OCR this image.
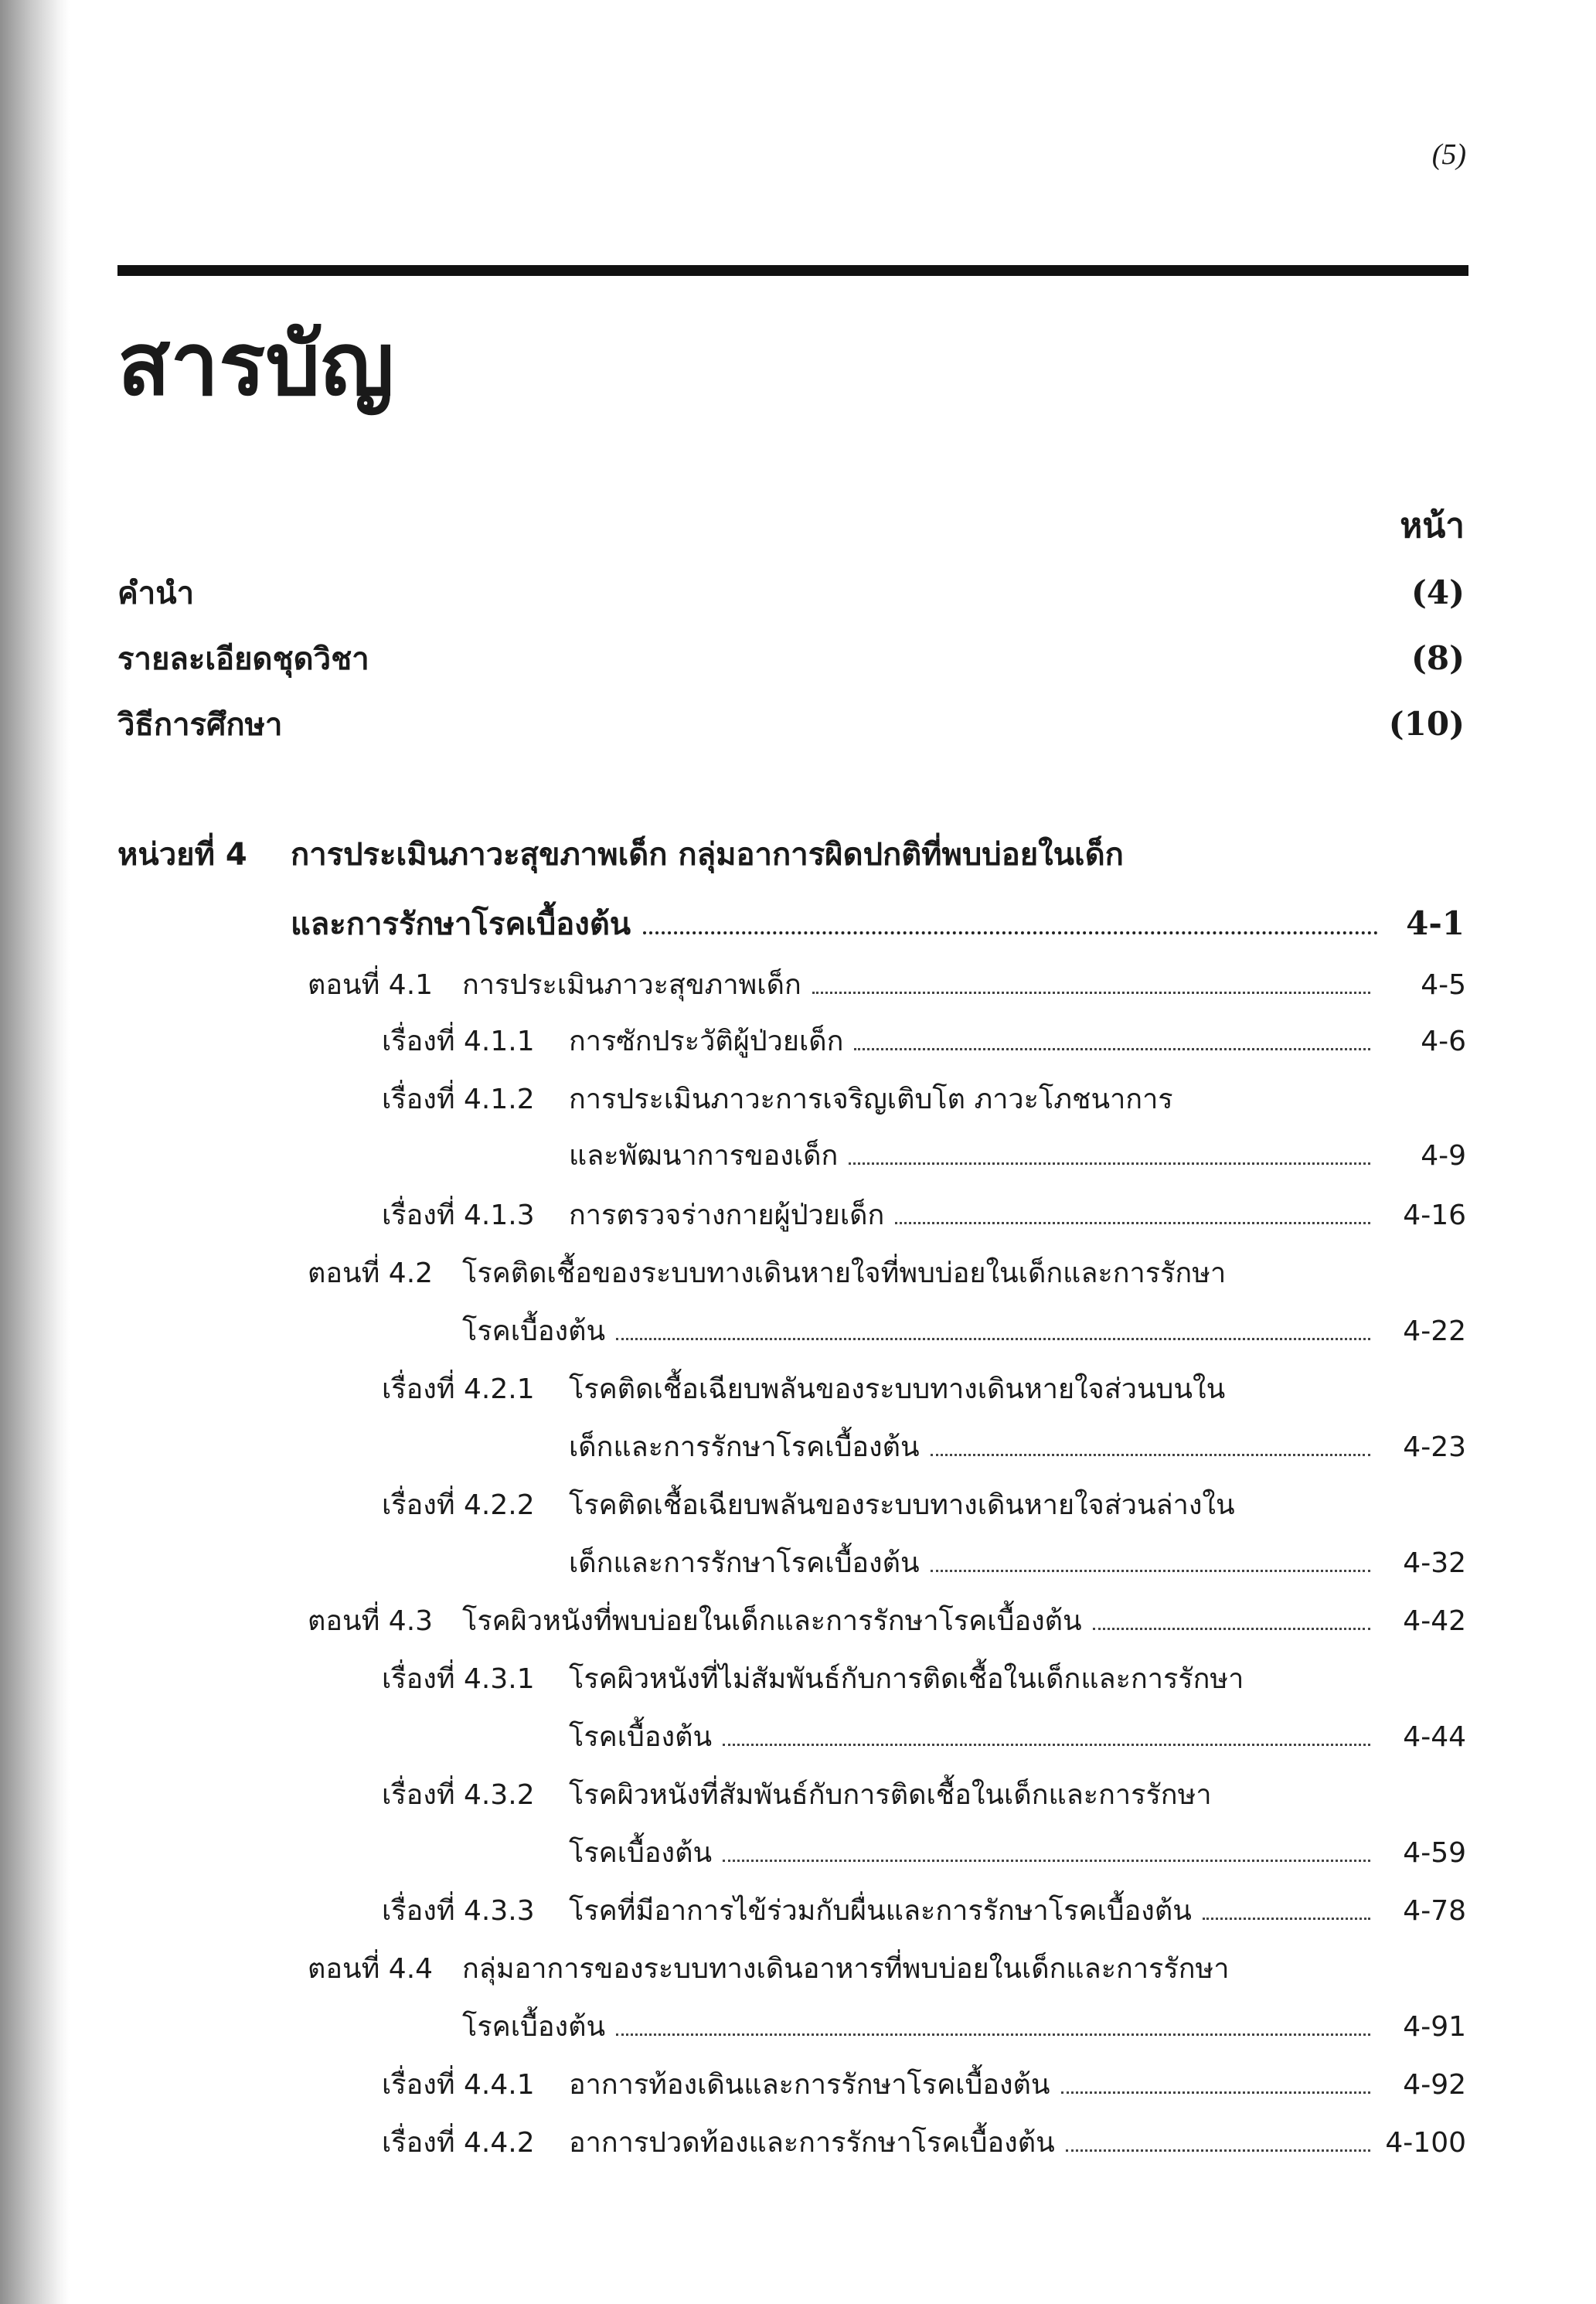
(5)
สารบัญ
หน้า
คำนำ	(4)
รายละเอียดชุดวิชา	(8)
วิธีการศึกษา	(10)
หน่วยที่ 4 การประเมินภาวะสุขภาพเด็ก กลุ่มอาการผิดปกติที่พบบ่อยในเด็ก
และการรักษาโรคเบื้องต้น	4-1
ตอนที่ 4.1	การประเมินภาวะสุขภาพเด็ก	4-5
เรื่องที่ 4.1.1	การซักประวัติผู้ป่วยเด็ก	4-6
เรื่องที่ 4.1.2 การประเมินภาวะการเจริญเติบโต ภาวะโภชนาการ
และพัฒนาการของเด็ก	4-9
เรื่องที่ 4.1.3	การตรวจร่างกายผู้ป่วยเด็ก	4-16
ตอนที่ 4.2 โรคติดเชื้อของระบบทางเดินหายใจที่พบบ่อยในเด็กและการรักษา
โรคเบื้องต้น	4-22
เรื่องที่ 4.2.1 โรคติดเชื้อเฉียบพลันของระบบทางเดินหายใจส่วนบนใน
เด็กและการรักษาโรคเบื้องต้น	4-23
เรื่องที่ 4.2.2 โรคติดเชื้อเฉียบพลันของระบบทางเดินหายใจส่วนล่างใน
เด็กและการรักษาโรคเบื้องต้น	4-32
ตอนที่ 4.3	โรคผิวหนังที่พบบ่อยในเด็กและการรักษาโรคเบื้องต้น	4-42
เรื่องที่ 4.3.1 โรคผิวหนังที่ไม่สัมพันธ์กับการติดเชื้อในเด็กและการรักษา
โรคเบื้องต้น	4-44
เรื่องที่ 4.3.2 โรคผิวหนังที่สัมพันธ์กับการติดเชื้อในเด็กและการรักษา
โรคเบื้องต้น	4-59
เรื่องที่ 4.3.3	โรคที่มีอาการไข้ร่วมกับผื่นและการรักษาโรคเบื้องต้น	4-78
ตอนที่ 4.4 กลุ่มอาการของระบบทางเดินอาหารที่พบบ่อยในเด็กและการรักษา
โรคเบื้องต้น	4-91
เรื่องที่ 4.4.1	อาการท้องเดินและการรักษาโรคเบื้องต้น	4-92
เรื่องที่ 4.4.2	อาการปวดท้องและการรักษาโรคเบื้องต้น	4-100
